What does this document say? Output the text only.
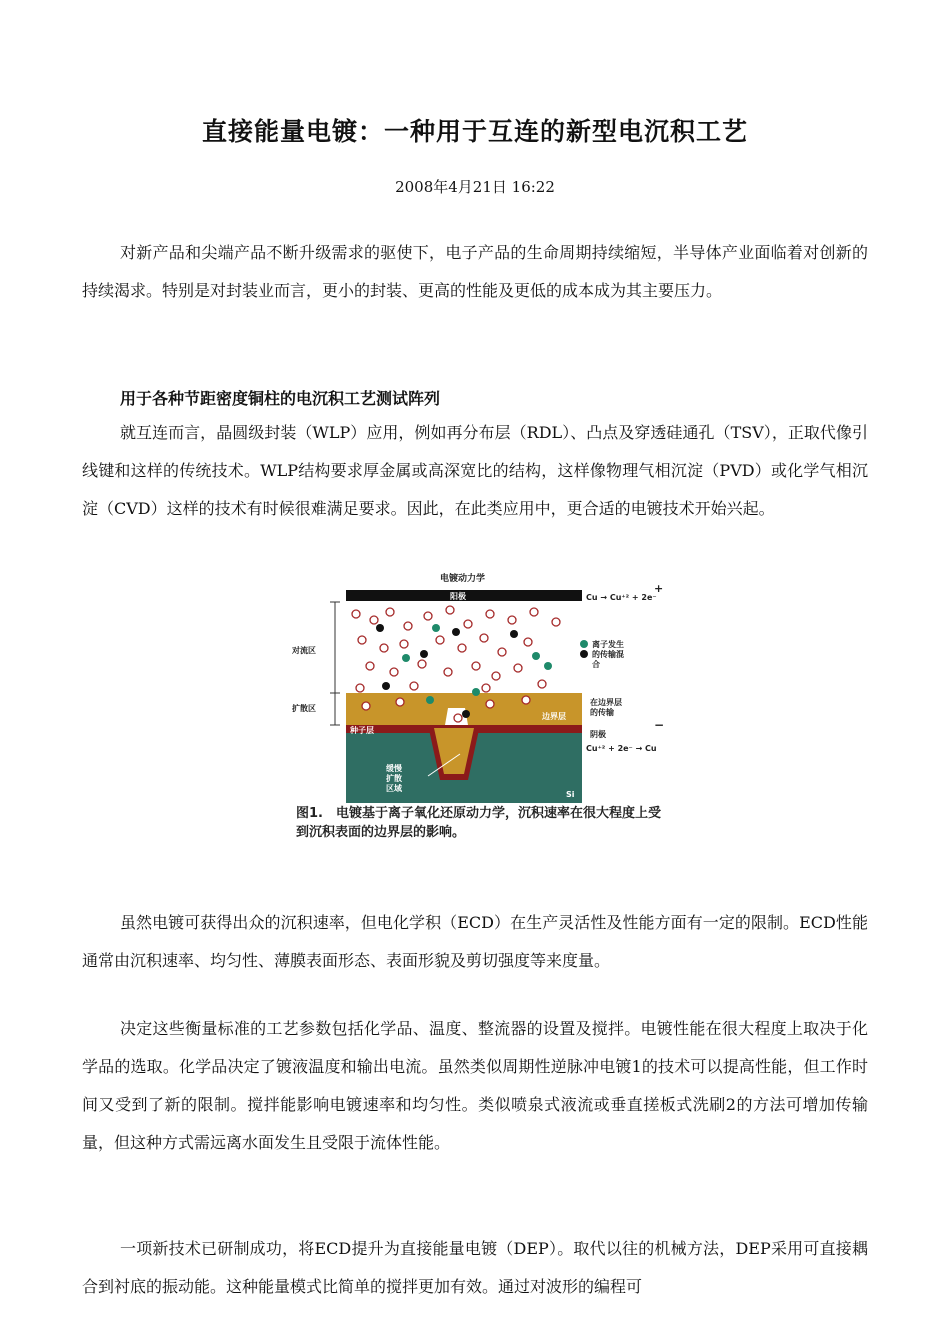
直接能量电镀：一种用于互连的新型电沉积工艺
2008年4月21日 16:22

对新产品和尖端产品不断升级需求的驱使下，电子产品的生命周期持续缩短，半导体产业面临着对创新的持续渴求。特别是对封装业而言，更小的封装、更高的性能及更低的成本成为其主要压力。

用于各种节距密度铜柱的电沉积工艺测试阵列

就互连而言，晶圆级封装（WLP）应用，例如再分布层（RDL）、凸点及穿透硅通孔（TSV），正取代像引线键和这样的传统技术。WLP结构要求厚金属或高深宽比的结构，这样像物理气相沉淀（PVD）或化学气相沉淀（CVD）这样的技术有时候很难满足要求。因此，在此类应用中，更合适的电镀技术开始兴起。

电镀动力学
阳极	Cu → Cu⁺² + 2e⁻
+
对流区
扩散区
离子发生的传输混合
在边界层的传输
边界层
种子层	阴极
−
Cu⁺² + 2e⁻ → Cu
缓慢扩散区域
Si
图1.　电镀基于离子氧化还原动力学，沉积速率在很大程度上受到沉积表面的边界层的影响。

虽然电镀可获得出众的沉积速率，但电化学积（ECD）在生产灵活性及性能方面有一定的限制。ECD性能通常由沉积速率、均匀性、薄膜表面形态、表面形貌及剪切强度等来度量。

决定这些衡量标准的工艺参数包括化学品、温度、整流器的设置及搅拌。电镀性能在很大程度上取决于化学品的选取。化学品决定了镀液温度和输出电流。虽然类似周期性逆脉冲电镀1的技术可以提高性能，但工作时间又受到了新的限制。搅拌能影响电镀速率和均匀性。类似喷泉式液流或垂直搓板式洗刷2的方法可增加传输量，但这种方式需远离水面发生且受限于流体性能。

一项新技术已研制成功，将ECD提升为直接能量电镀（DEP）。取代以往的机械方法，DEP采用可直接耦合到衬底的振动能。这种能量模式比简单的搅拌更加有效。通过对波形的编程可
